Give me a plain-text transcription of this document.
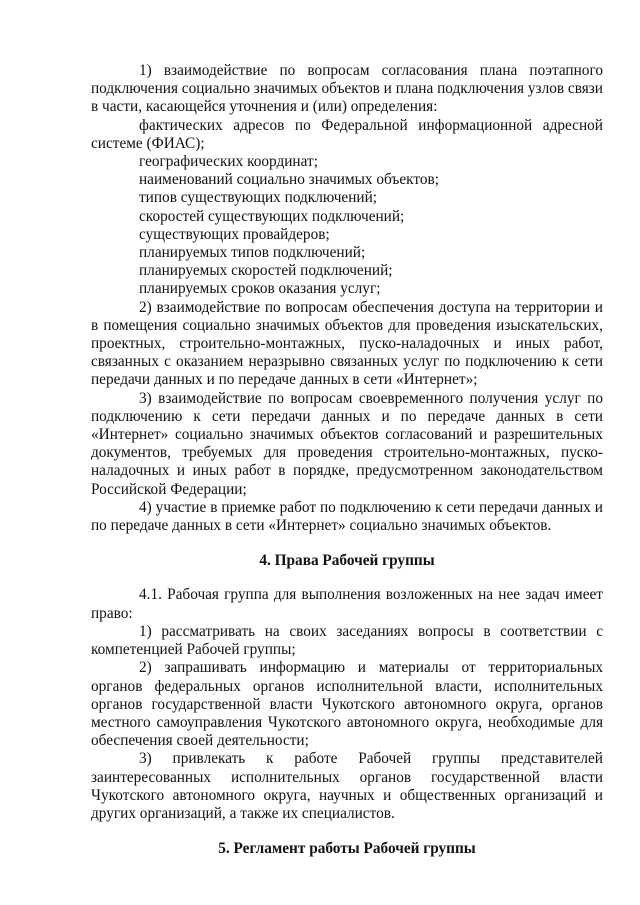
1) взаимодействие по вопросам согласования плана поэтапного подключения социально значимых объектов и плана подключения узлов связи в части, касающейся уточнения и (или) определения:

фактических адресов по Федеральной информационной адресной системе (ФИАС);

географических координат;

наименований социально значимых объектов;

типов существующих подключений;

скоростей существующих подключений;

существующих провайдеров;

планируемых типов подключений;

планируемых скоростей подключений;

планируемых сроков оказания услуг;

2) взаимодействие по вопросам обеспечения доступа на территории и в помещения социально значимых объектов для проведения изыскательских, проектных, строительно-монтажных, пуско-наладочных и иных работ, связанных с оказанием неразрывно связанных услуг по подключению к сети передачи данных и по передаче данных в сети «Интернет»;

3) взаимодействие по вопросам своевременного получения услуг по подключению к сети передачи данных и по передаче данных в сети «Интернет» социально значимых объектов согласований и разрешительных документов, требуемых для проведения строительно-монтажных, пуско-наладочных и иных работ в порядке, предусмотренном законодательством Российской Федерации;

4) участие в приемке работ по подключению к сети передачи данных и по передаче данных в сети «Интернет» социально значимых объектов.

4. Права Рабочей группы

4.1. Рабочая группа для выполнения возложенных на нее задач имеет право:

1) рассматривать на своих заседаниях вопросы в соответствии с компетенцией Рабочей группы;

2) запрашивать информацию и материалы от территориальных органов федеральных органов исполнительной власти, исполнительных органов государственной власти Чукотского автономного округа, органов местного самоуправления Чукотского автономного округа, необходимые для обеспечения своей деятельности;

3) привлекать к работе Рабочей группы представителей заинтересованных исполнительных органов государственной власти Чукотского автономного округа, научных и общественных организаций и других организаций, а также их специалистов.

5. Регламент работы Рабочей группы
